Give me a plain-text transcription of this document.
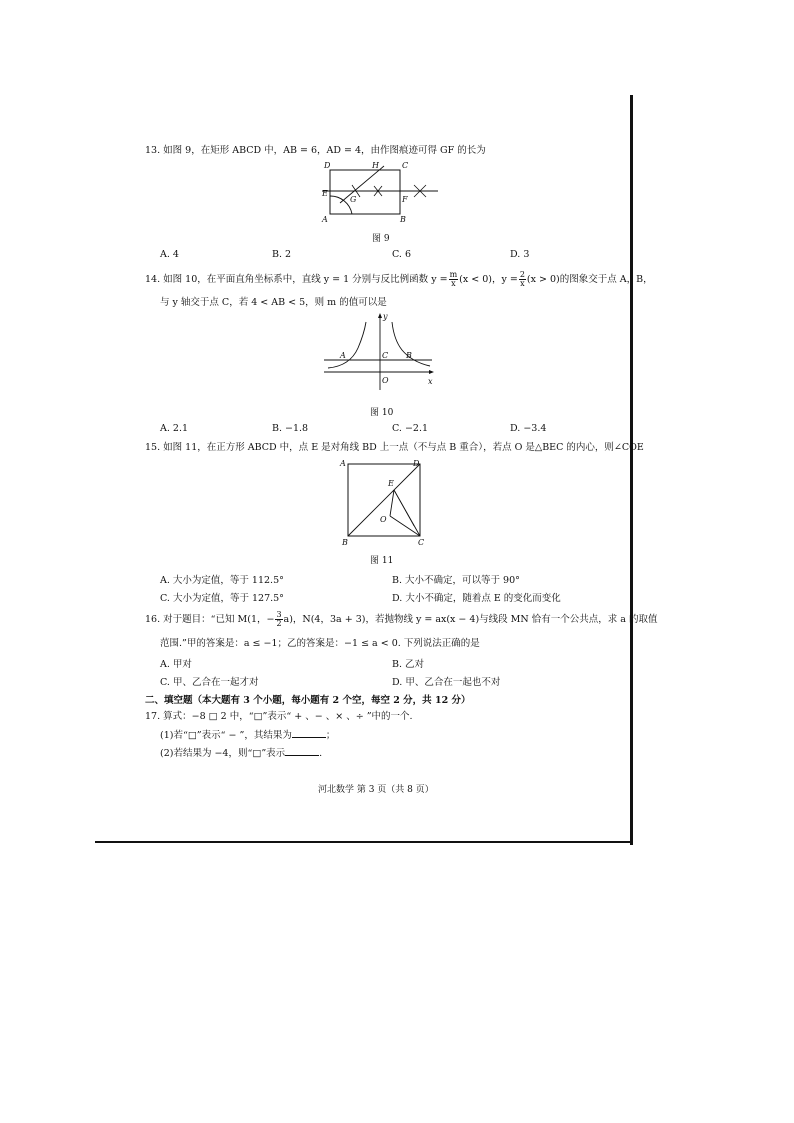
13. 如图 9，在矩形 ABCD 中，AB = 6，AD = 4，由作图痕迹可得 GF 的长为
D	H	C
E
G	F
A	B
图 9
A. 4	B. 2	C. 6	D. 3
14. 如图 10，在平面直角坐标系中，直线 y = 1 分别与反比例函数 $y = \frac{m}{x} (x < 0)$，$y = \frac{2}{x} (x > 0)$的图象交于点 A，B，
与 y 轴交于点 C，若 4 < AB < 5，则 m 的值可以是
y
x
A	C B
O
图 10
A. 2.1	B. −1.8	C. −2.1	D. −3.4
15. 如图 11，在正方形 ABCD 中，点 E 是对角线 BD 上一点（不与点 B 重合），若点 O 是△BEC 的内心，则∠COE
A	D
E
O
B	C
图 11
A. 大小为定值，等于 112.5°	B. 大小不确定，可以等于 90°
C. 大小为定值，等于 127.5°	D. 大小不确定，随着点 E 的变化而变化
16. 对于题目：“已知 M(1，− $\frac{3}{2} a$)，N(4，3a + 3)，若抛物线 y = ax(x − 4)与线段 MN 恰有一个公共点，求 a 的取值
范围.”甲的答案是：a ≤ −1；乙的答案是：−1 ≤ a < 0. 下列说法正确的是
A. 甲对	B. 乙对
C. 甲、乙合在一起才对	D. 甲、乙合在一起也不对
二、填空题（本大题有 3 个小题，每小题有 2 个空，每空 2 分，共 12 分）
17. 算式：−8 □ 2 中，“□”表示“ + 、− 、× 、÷ ”中的一个.
(1)若“□”表示“ − ”，其结果为	；
(2)若结果为 −4，则“□”表示	.
河北数学 第 3 页（共 8 页）
